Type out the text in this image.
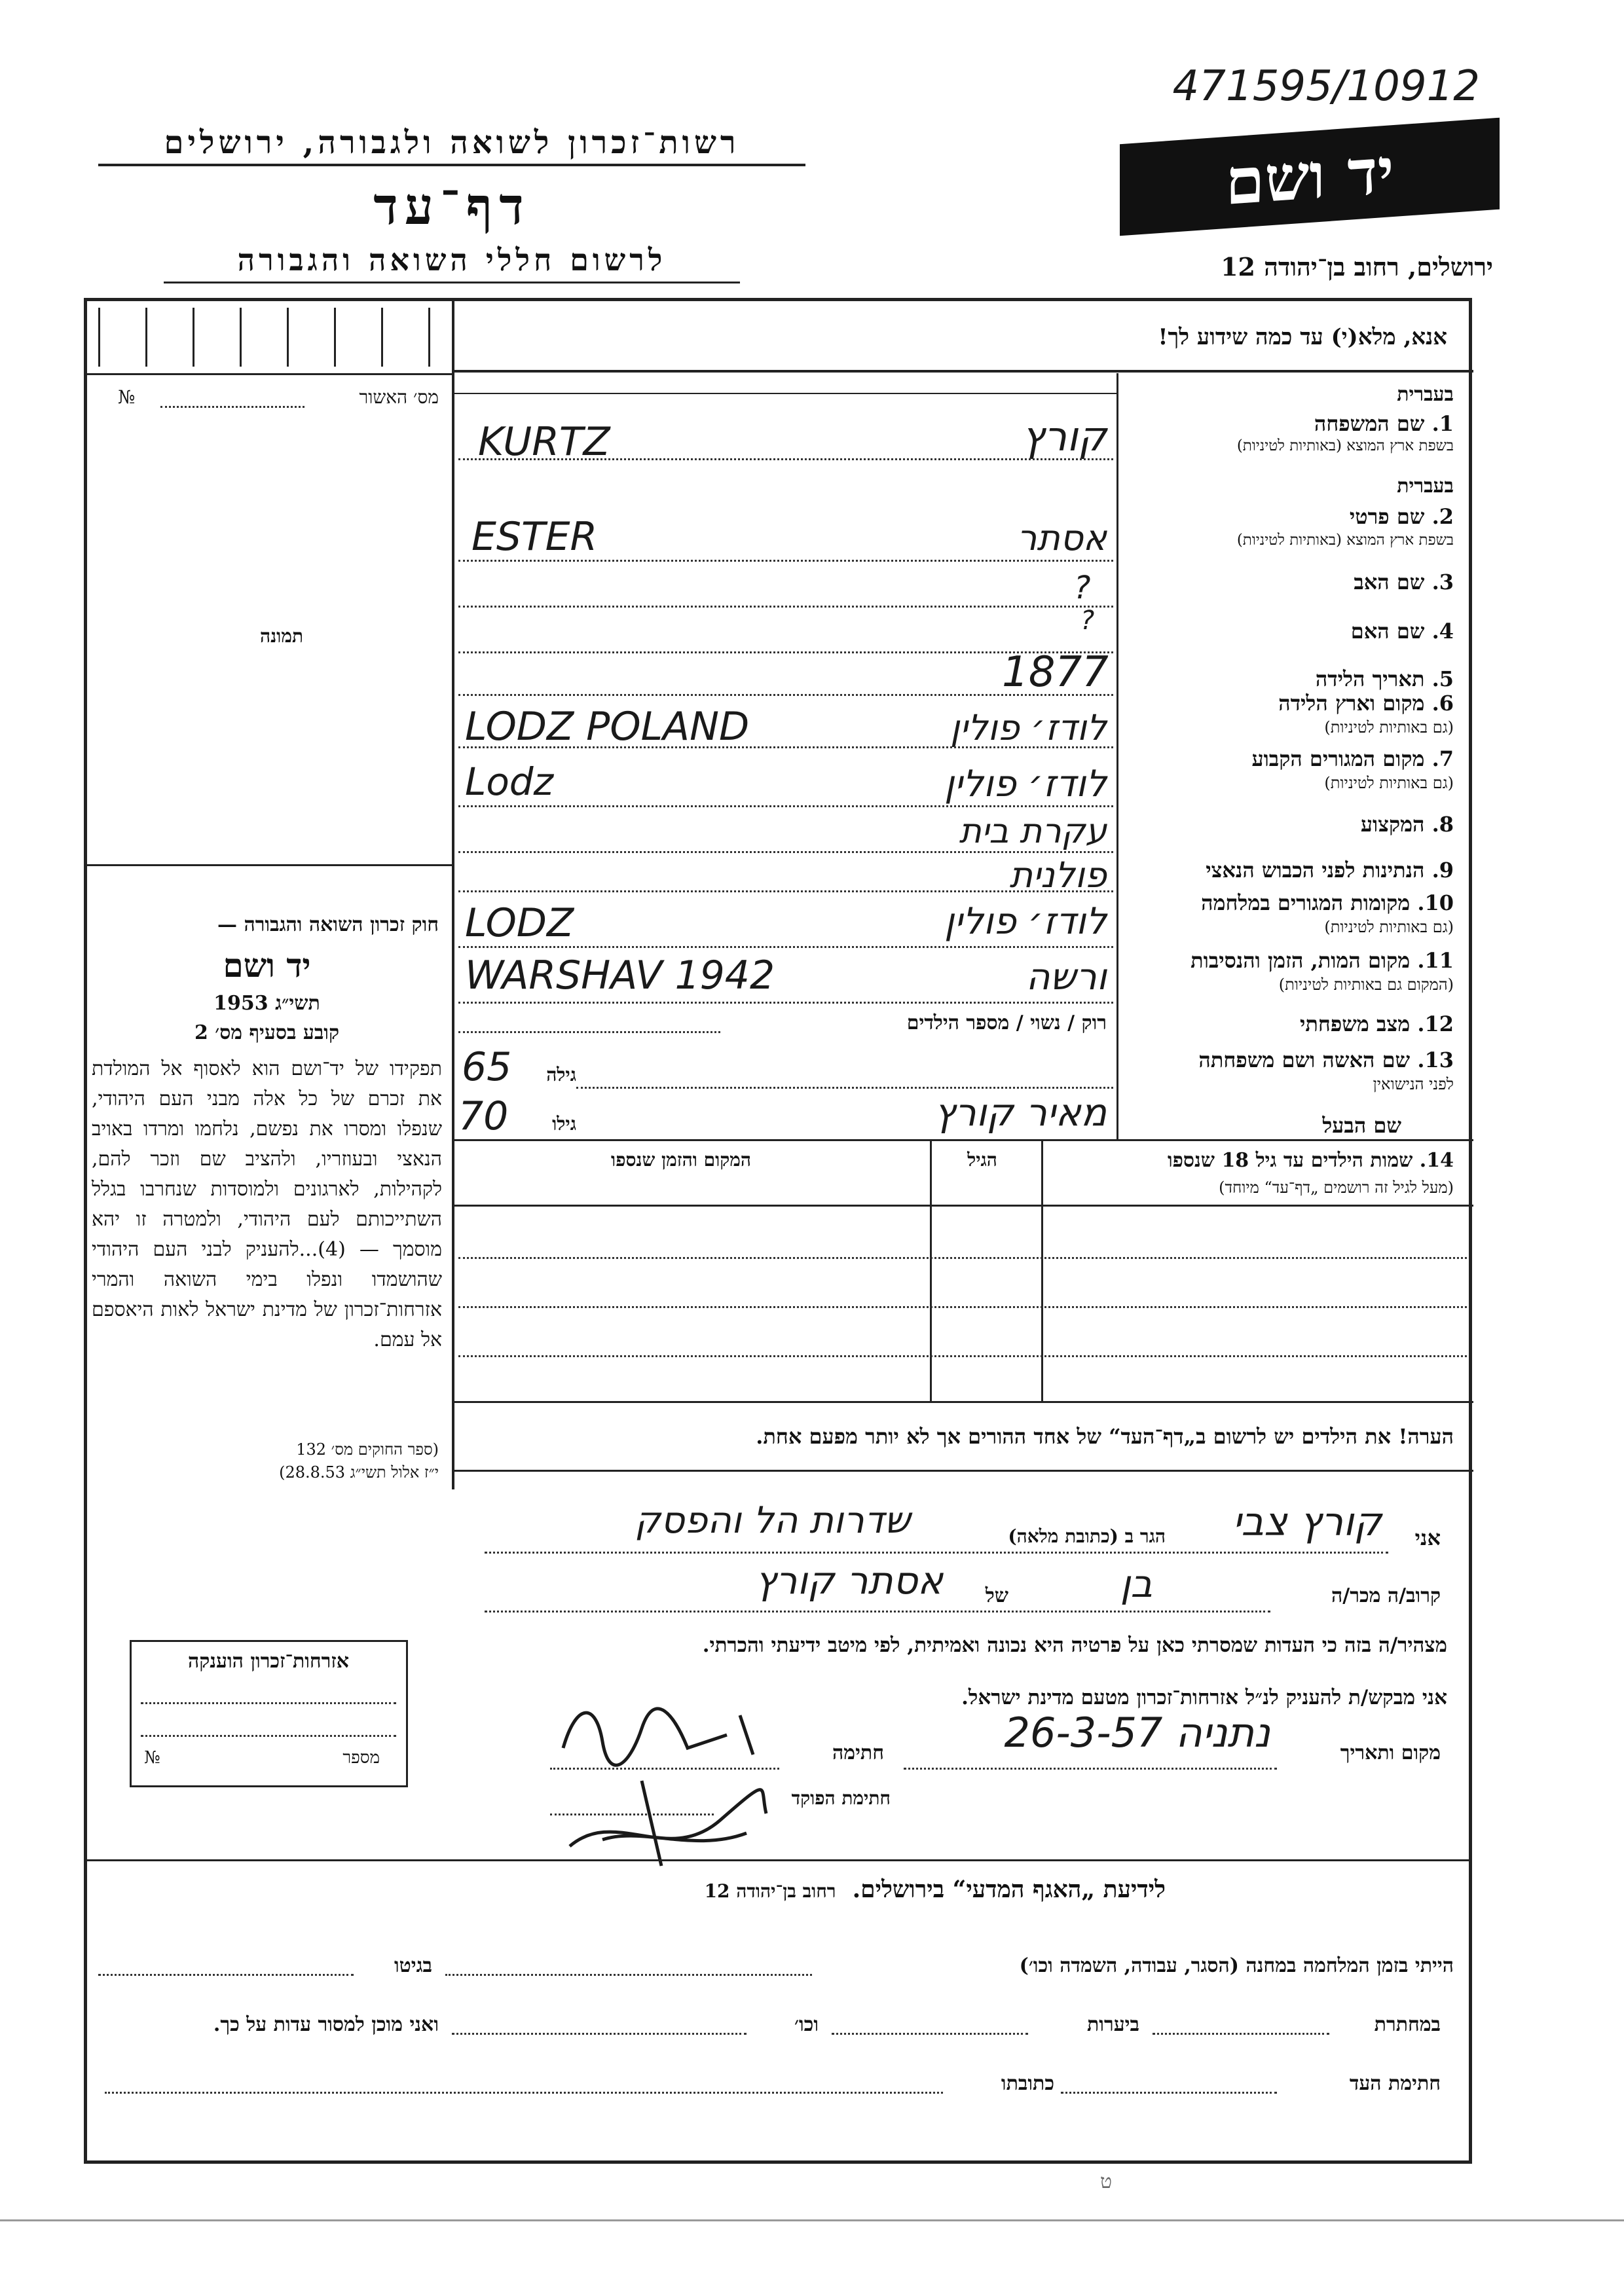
471595/10912
רשות־זכרון לשואה ולגבורה, ירושלים
דף־עד
לרשום חללי השואה והגבורה
יד ושם
ירושלים, רחוב בן־יהודה 12
אנא, מלא(י) עד כמה שידוע לך!
מס׳ האשור
№
תמונה
בעברית
1. שם המשפחה
בשפת ארץ המוצא (באותיות לטיניות)
KURTZ	קורץ
בעברית
2. שם פרטי
בשפת ארץ המוצא (באותיות לטיניות)
ESTER	אסתר
3. שם האב
?
4. שם האם
?
5. תאריך הלידה
1877
6. מקום וארץ הלידה
(גם באותיות לטיניות)
LODZ POLAND	לודז׳ פולין
7. מקום המגורים הקבוע
(גם באותיות לטיניות)
Lodz	לודז׳ פולין
8. המקצוע
עקרת בית
9. הנתינות לפני הכבוש הנאצי
פולנית
10. מקומות המגורים במלחמה
(גם באותיות לטיניות)
LODZ	לודז׳ פולין
11. מקום המות, הזמן והנסיבות
(המקום גם באותיות לטיניות)
WARSHAV 1942	ורשה
12. מצב משפחתי
רוק / נשוי / מספר הילדים
13. שם האשה ושם משפחתה
לפני הנישואין
גילה
65
שם הבעל
מאיר קורץ
גילו
70
14. שמות הילדים עד גיל 18 שנספו
(מעל לגיל זה רושמים „דף־עד“ מיוחד)
הגיל
המקום והזמן שנספו
הערה! את הילדים יש לרשום ב„דף־העד“ של אחד ההורים אך לא יותר מפעם אחת.
חוק זכרון השואה והגבורה —
יד ושם
תשי״ג 1953
קובע בסעיף מס׳ 2
תפקידו של יד־ושם הוא לאסוף אל המולדת את זכרם של כל אלה מבני העם היהודי, שנפלו ומסרו את נפשם, נלחמו ומרדו באויב הנאצי ובעוזריו, ולהציב שם וזכר להם, לקהילות, לארגונים ולמוסדות שנחרבו בגלל השתייכותם לעם היהודי, ולמטרה זו יהא מוסמך — (4)...להעניק לבני העם היהודי שהושמדו ונפלו בימי השואה והמרי אזרחות־זכרון של מדינת ישראל לאות היאספם אל עמם.
(ספר החוקים מס׳ 132
י״ז אלול תשי״ג 28.8.53)
אזרחות־זכרון הוענקה
מספר
№
אני
קורץ צבי
הגר ב (כתובת מלאה)
שדרות הל והפסק
קרוב/ה מכר/ה
בן
של
אסתר קורץ
מצהיר/ה בזה כי העדות שמסרתי כאן על פרטיה היא נכונה ואמיתית, לפי מיטב ידיעתי והכרתי.
אני מבקש/ת להעניק לנ״ל אזרחות־זכרון מטעם מדינת ישראל.
מקום ותאריך
נתניה 26-3-57
חתימה
חתימת הפוקד
לידיעת „האגף המדעי“ בירושלים.  רחוב בן־יהודה 12
הייתי בזמן המלחמה במחנה (הסגר, עבודה, השמדה וכו׳)
בגיטו
במחתרת
ביערות
וכו׳
ואני מוכן למסור עדות על כך.
חתימת העד
כתובתו
ט
